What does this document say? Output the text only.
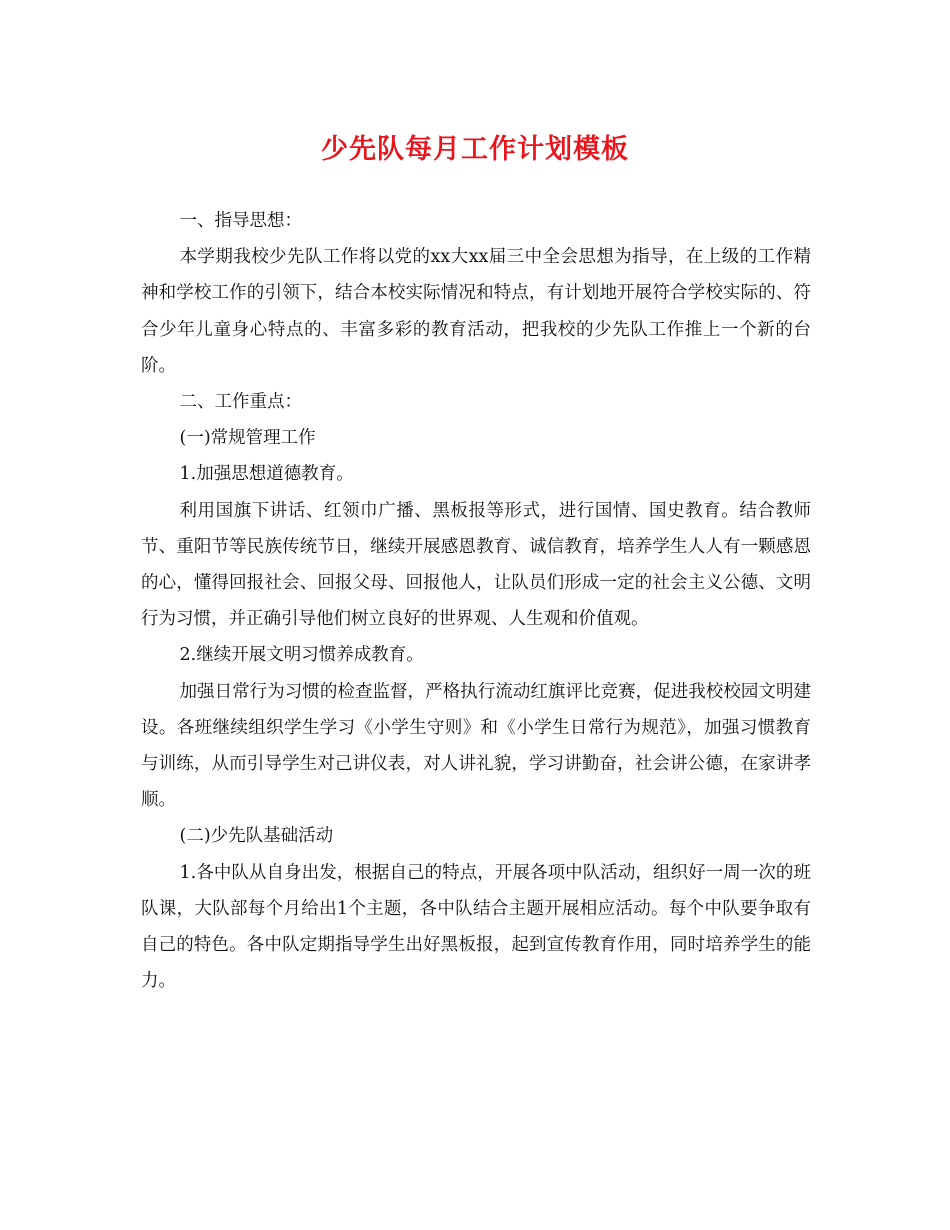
少先队每月工作计划模板

一、指导思想：

本学期我校少先队工作将以党的xx大xx届三中全会思想为指导，在上级的工作精神和学校工作的引领下，结合本校实际情况和特点，有计划地开展符合学校实际的、符合少年儿童身心特点的、丰富多彩的教育活动，把我校的少先队工作推上一个新的台阶。

二、工作重点：

(一)常规管理工作

1.加强思想道德教育。

利用国旗下讲话、红领巾广播、黑板报等形式，进行国情、国史教育。结合教师节、重阳节等民族传统节日，继续开展感恩教育、诚信教育，培养学生人人有一颗感恩的心，懂得回报社会、回报父母、回报他人，让队员们形成一定的社会主义公德、文明行为习惯，并正确引导他们树立良好的世界观、人生观和价值观。

2.继续开展文明习惯养成教育。

加强日常行为习惯的检查监督，严格执行流动红旗评比竞赛，促进我校校园文明建设。各班继续组织学生学习《小学生守则》和《小学生日常行为规范》，加强习惯教育与训练，从而引导学生对己讲仪表，对人讲礼貌，学习讲勤奋，社会讲公德，在家讲孝顺。

(二)少先队基础活动

1.各中队从自身出发，根据自己的特点，开展各项中队活动，组织好一周一次的班队课，大队部每个月给出1个主题，各中队结合主题开展相应活动。每个中队要争取有自己的特色。各中队定期指导学生出好黑板报，起到宣传教育作用，同时培养学生的能力。
